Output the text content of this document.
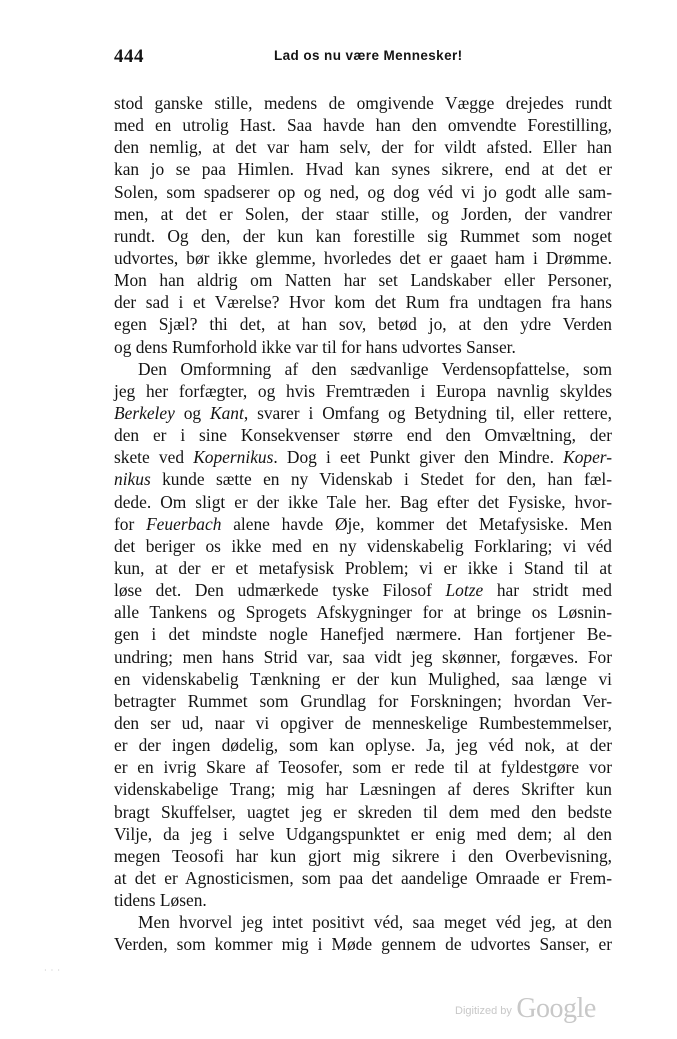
444	Lad os nu være Mennesker!
stod ganske stille, medens de omgivende Vægge drejedes rundt
med en utrolig Hast. Saa havde han den omvendte Forestilling,
den nemlig, at det var ham selv, der for vildt afsted. Eller han
kan jo se paa Himlen. Hvad kan synes sikrere, end at det er
Solen, som spadserer op og ned, og dog véd vi jo godt alle sam-
men, at det er Solen, der staar stille, og Jorden, der vandrer
rundt. Og den, der kun kan forestille sig Rummet som noget
udvortes, bør ikke glemme, hvorledes det er gaaet ham i Drømme.
Mon han aldrig om Natten har set Landskaber eller Personer,
der sad i et Værelse? Hvor kom det Rum fra undtagen fra hans
egen Sjæl? thi det, at han sov, betød jo, at den ydre Verden
og dens Rumforhold ikke var til for hans udvortes Sanser.
Den Omformning af den sædvanlige Verdensopfattelse, som
jeg her forfægter, og hvis Fremtræden i Europa navnlig skyldes
Berkeley og Kant, svarer i Omfang og Betydning til, eller rettere,
den er i sine Konsekvenser større end den Omvæltning, der
skete ved Kopernikus. Dog i eet Punkt giver den Mindre. Koper-
nikus kunde sætte en ny Videnskab i Stedet for den, han fæl-
dede. Om sligt er der ikke Tale her. Bag efter det Fysiske, hvor-
for Feuerbach alene havde Øje, kommer det Metafysiske. Men
det beriger os ikke med en ny videnskabelig Forklaring; vi véd
kun, at der er et metafysisk Problem; vi er ikke i Stand til at
løse det. Den udmærkede tyske Filosof Lotze har stridt med
alle Tankens og Sprogets Afskygninger for at bringe os Løsnin-
gen i det mindste nogle Hanefjed nærmere. Han fortjener Be-
undring; men hans Strid var, saa vidt jeg skønner, forgæves. For
en videnskabelig Tænkning er der kun Mulighed, saa længe vi
betragter Rummet som Grundlag for Forskningen; hvordan Ver-
den ser ud, naar vi opgiver de menneskelige Rumbestemmelser,
er der ingen dødelig, som kan oplyse. Ja, jeg véd nok, at der
er en ivrig Skare af Teosofer, som er rede til at fyldestgøre vor
videnskabelige Trang; mig har Læsningen af deres Skrifter kun
bragt Skuffelser, uagtet jeg er skreden til dem med den bedste
Vilje, da jeg i selve Udgangspunktet er enig med dem; al den
megen Teosofi har kun gjort mig sikrere i den Overbevisning,
at det er Agnosticismen, som paa det aandelige Omraade er Frem-
tidens Løsen.
Men hvorvel jeg intet positivt véd, saa meget véd jeg, at den
Verden, som kommer mig i Møde gennem de udvortes Sanser, er
· · ·
Digitized by Google
